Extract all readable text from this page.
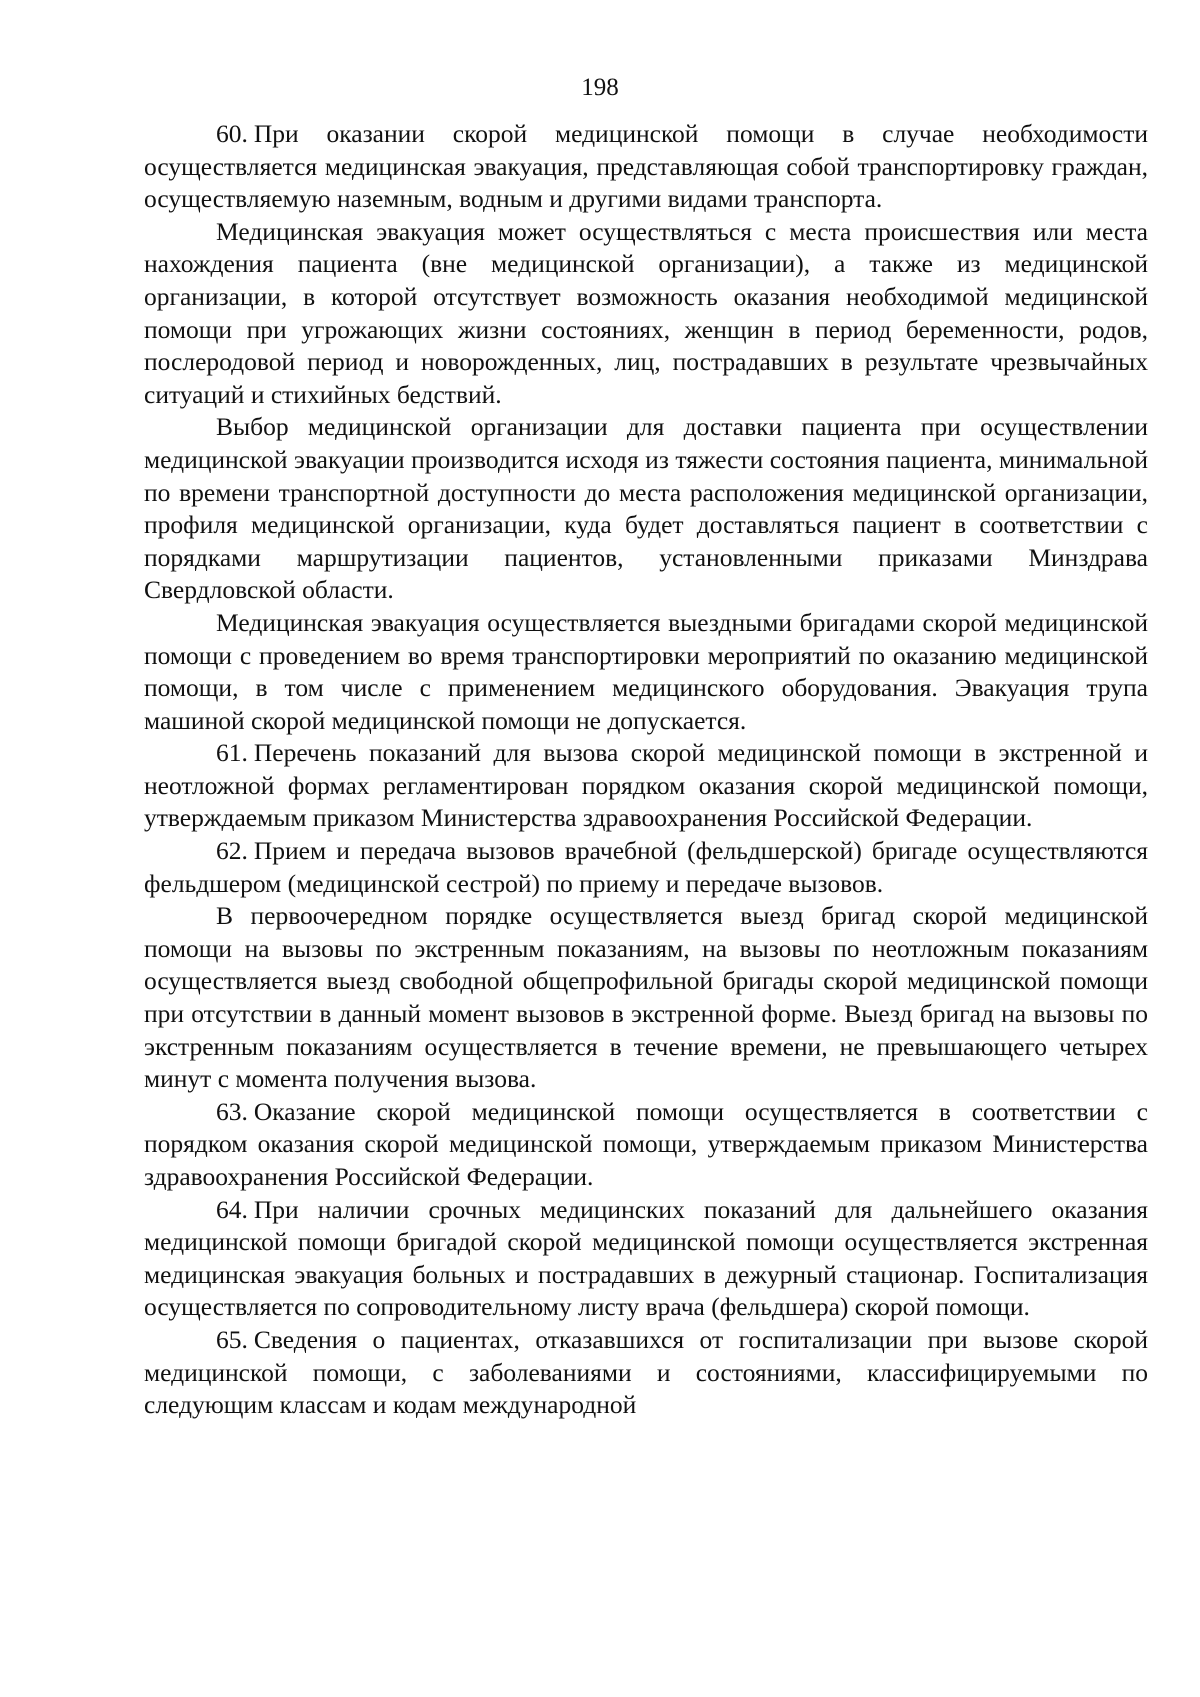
198

60. При оказании скорой медицинской помощи в случае необходимости осуществляется медицинская эвакуация, представляющая собой транспортировку граждан, осуществляемую наземным, водным и другими видами транспорта.

Медицинская эвакуация может осуществляться с места происшествия или места нахождения пациента (вне медицинской организации), а также из медицинской организации, в которой отсутствует возможность оказания необходимой медицинской помощи при угрожающих жизни состояниях, женщин в период беременности, родов, послеродовой период и новорожденных, лиц, пострадавших в результате чрезвычайных ситуаций и стихийных бедствий.

Выбор медицинской организации для доставки пациента при осуществлении медицинской эвакуации производится исходя из тяжести состояния пациента, минимальной по времени транспортной доступности до места расположения медицинской организации, профиля медицинской организации, куда будет доставляться пациент в соответствии с порядками маршрутизации пациентов, установленными приказами Минздрава Свердловской области.

Медицинская эвакуация осуществляется выездными бригадами скорой медицинской помощи с проведением во время транспортировки мероприятий по оказанию медицинской помощи, в том числе с применением медицинского оборудования. Эвакуация трупа машиной скорой медицинской помощи не допускается.

61. Перечень показаний для вызова скорой медицинской помощи в экстренной и неотложной формах регламентирован порядком оказания скорой медицинской помощи, утверждаемым приказом Министерства здравоохранения Российской Федерации.

62. Прием и передача вызовов врачебной (фельдшерской) бригаде осуществляются фельдшером (медицинской сестрой) по приему и передаче вызовов.

В первоочередном порядке осуществляется выезд бригад скорой медицинской помощи на вызовы по экстренным показаниям, на вызовы по неотложным показаниям осуществляется выезд свободной общепрофильной бригады скорой медицинской помощи при отсутствии в данный момент вызовов в экстренной форме. Выезд бригад на вызовы по экстренным показаниям осуществляется в течение времени, не превышающего четырех минут с момента получения вызова.

63. Оказание скорой медицинской помощи осуществляется в соответствии с порядком оказания скорой медицинской помощи, утверждаемым приказом Министерства здравоохранения Российской Федерации.

64. При наличии срочных медицинских показаний для дальнейшего оказания медицинской помощи бригадой скорой медицинской помощи осуществляется экстренная медицинская эвакуация больных и пострадавших в дежурный стационар. Госпитализация осуществляется по сопроводительному листу врача (фельдшера) скорой помощи.

65. Сведения о пациентах, отказавшихся от госпитализации при вызове скорой медицинской помощи, с заболеваниями и состояниями, классифицируемыми по следующим классам и кодам международной
